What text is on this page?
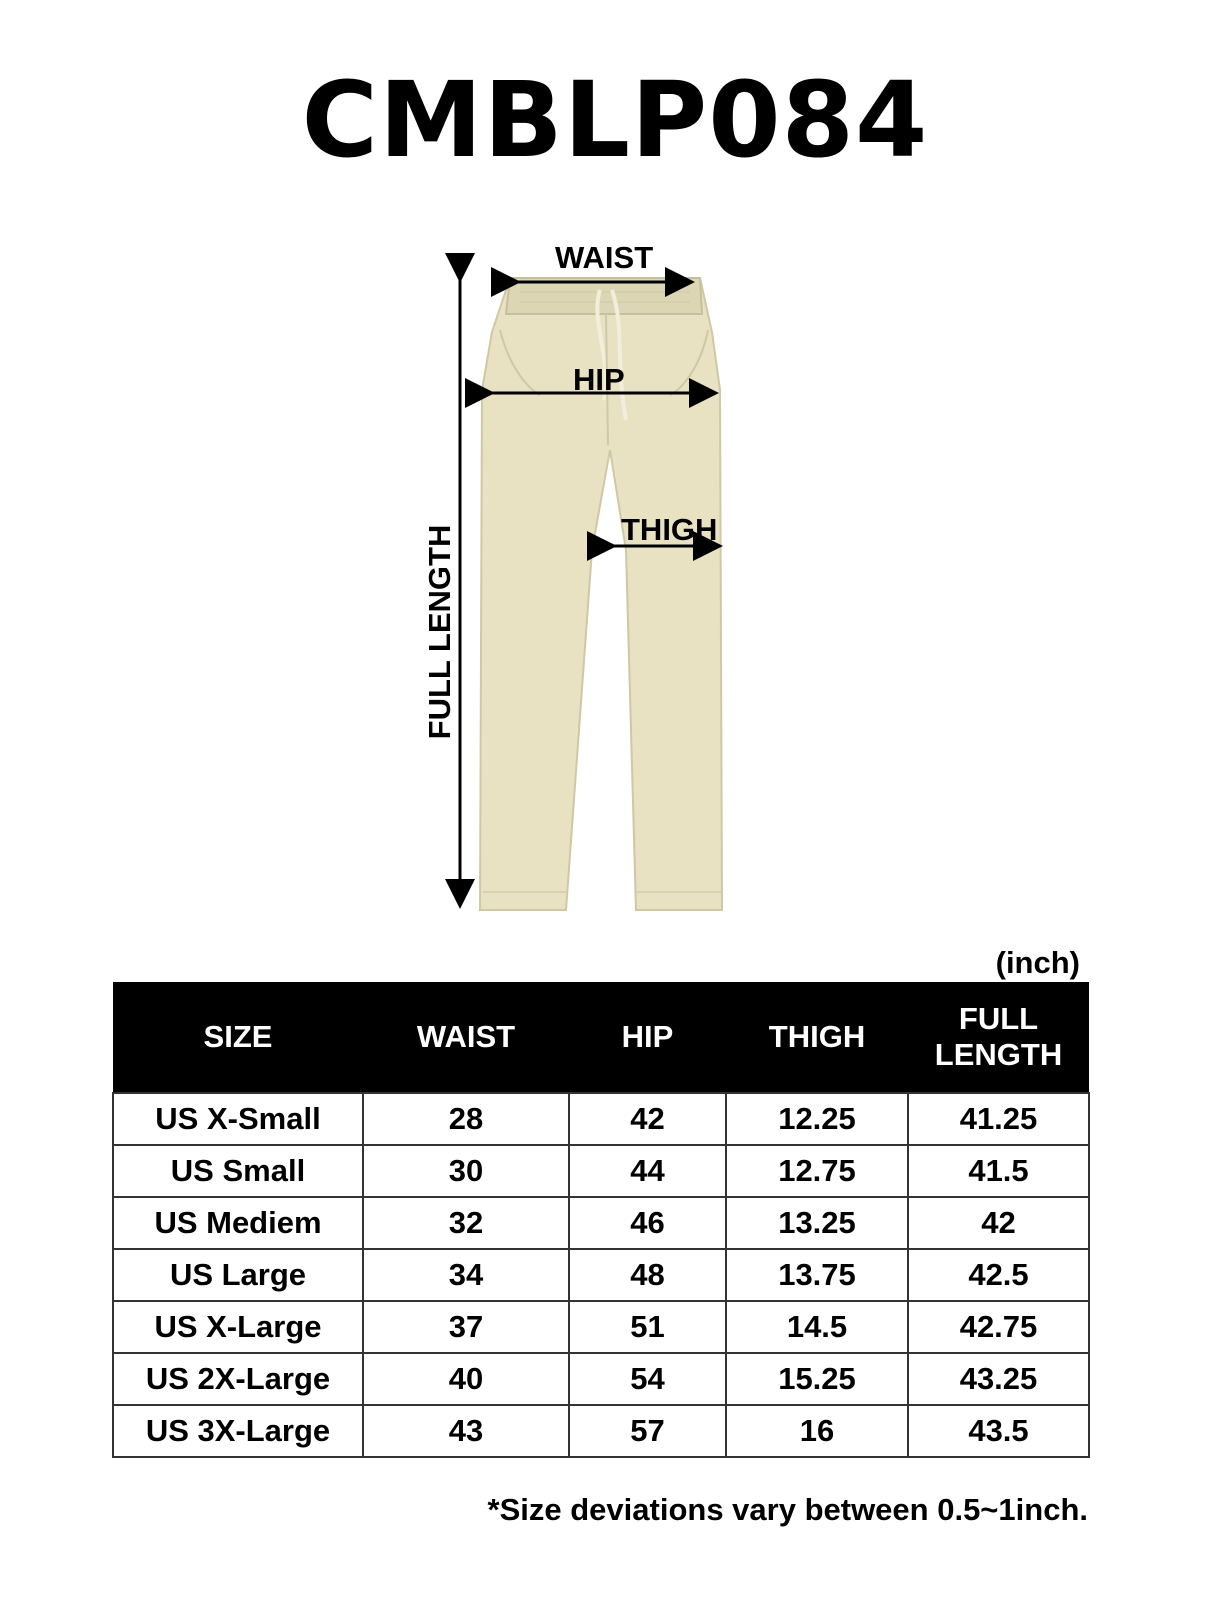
CMBLP084
WAIST
HIP
THIGH
FULL LENGTH
(inch)
SIZE	WAIST	HIP	THIGH	FULL
LENGTH
US X-Small	28	42	12.25	41.25
US Small	30	44	12.75	41.5
US Mediem	32	46	13.25	42
US Large	34	48	13.75	42.5
US X-Large	37	51	14.5	42.75
US 2X-Large	40	54	15.25	43.25
US 3X-Large	43	57	16	43.5
*Size deviations vary between 0.5~1inch.
